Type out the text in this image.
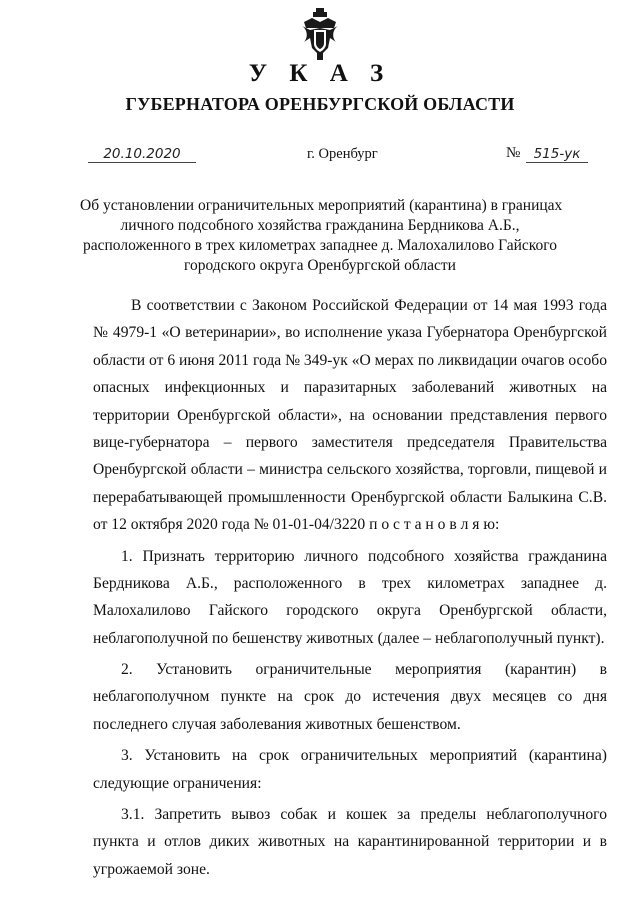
У К А З
ГУБЕРНАТОРА ОРЕНБУРГСКОЙ ОБЛАСТИ
20.10.2020	г. Оренбург	№ 515-ук
Об установлении ограничительных мероприятий (карантина) в границах
личного подсобного хозяйства гражданина Бердникова А.Б.,
расположенного в трех километрах западнее д. Малохалилово Гайского
городского округа Оренбургской области
В соответствии с Законом Российской Федерации от 14 мая 1993 года
№ 4979-1 «О ветеринарии», во исполнение указа Губернатора Оренбургской
области от 6 июня 2011 года № 349-ук «О мерах по ликвидации очагов особо
опасных инфекционных и паразитарных заболеваний животных на
территории Оренбургской области», на основании представления первого
вице-губернатора – первого заместителя председателя Правительства
Оренбургской области – министра сельского хозяйства, торговли, пищевой и
перерабатывающей промышленности Оренбургской области Балыкина С.В.
от 12 октября 2020 года № 01-01-04/3220 п о с т а н о в л я ю:
1. Признать территорию личного подсобного хозяйства гражданина
Бердникова А.Б., расположенного в трех километрах западнее д.
Малохалилово Гайского городского округа Оренбургской области,
неблагополучной по бешенству животных (далее – неблагополучный пункт).
2. Установить ограничительные мероприятия (карантин) в
неблагополучном пункте на срок до истечения двух месяцев со дня
последнего случая заболевания животных бешенством.
3. Установить на срок ограничительных мероприятий (карантина)
следующие ограничения:
3.1. Запретить вывоз собак и кошек за пределы неблагополучного
пункта и отлов диких животных на карантинированной территории и в
угрожаемой зоне.
